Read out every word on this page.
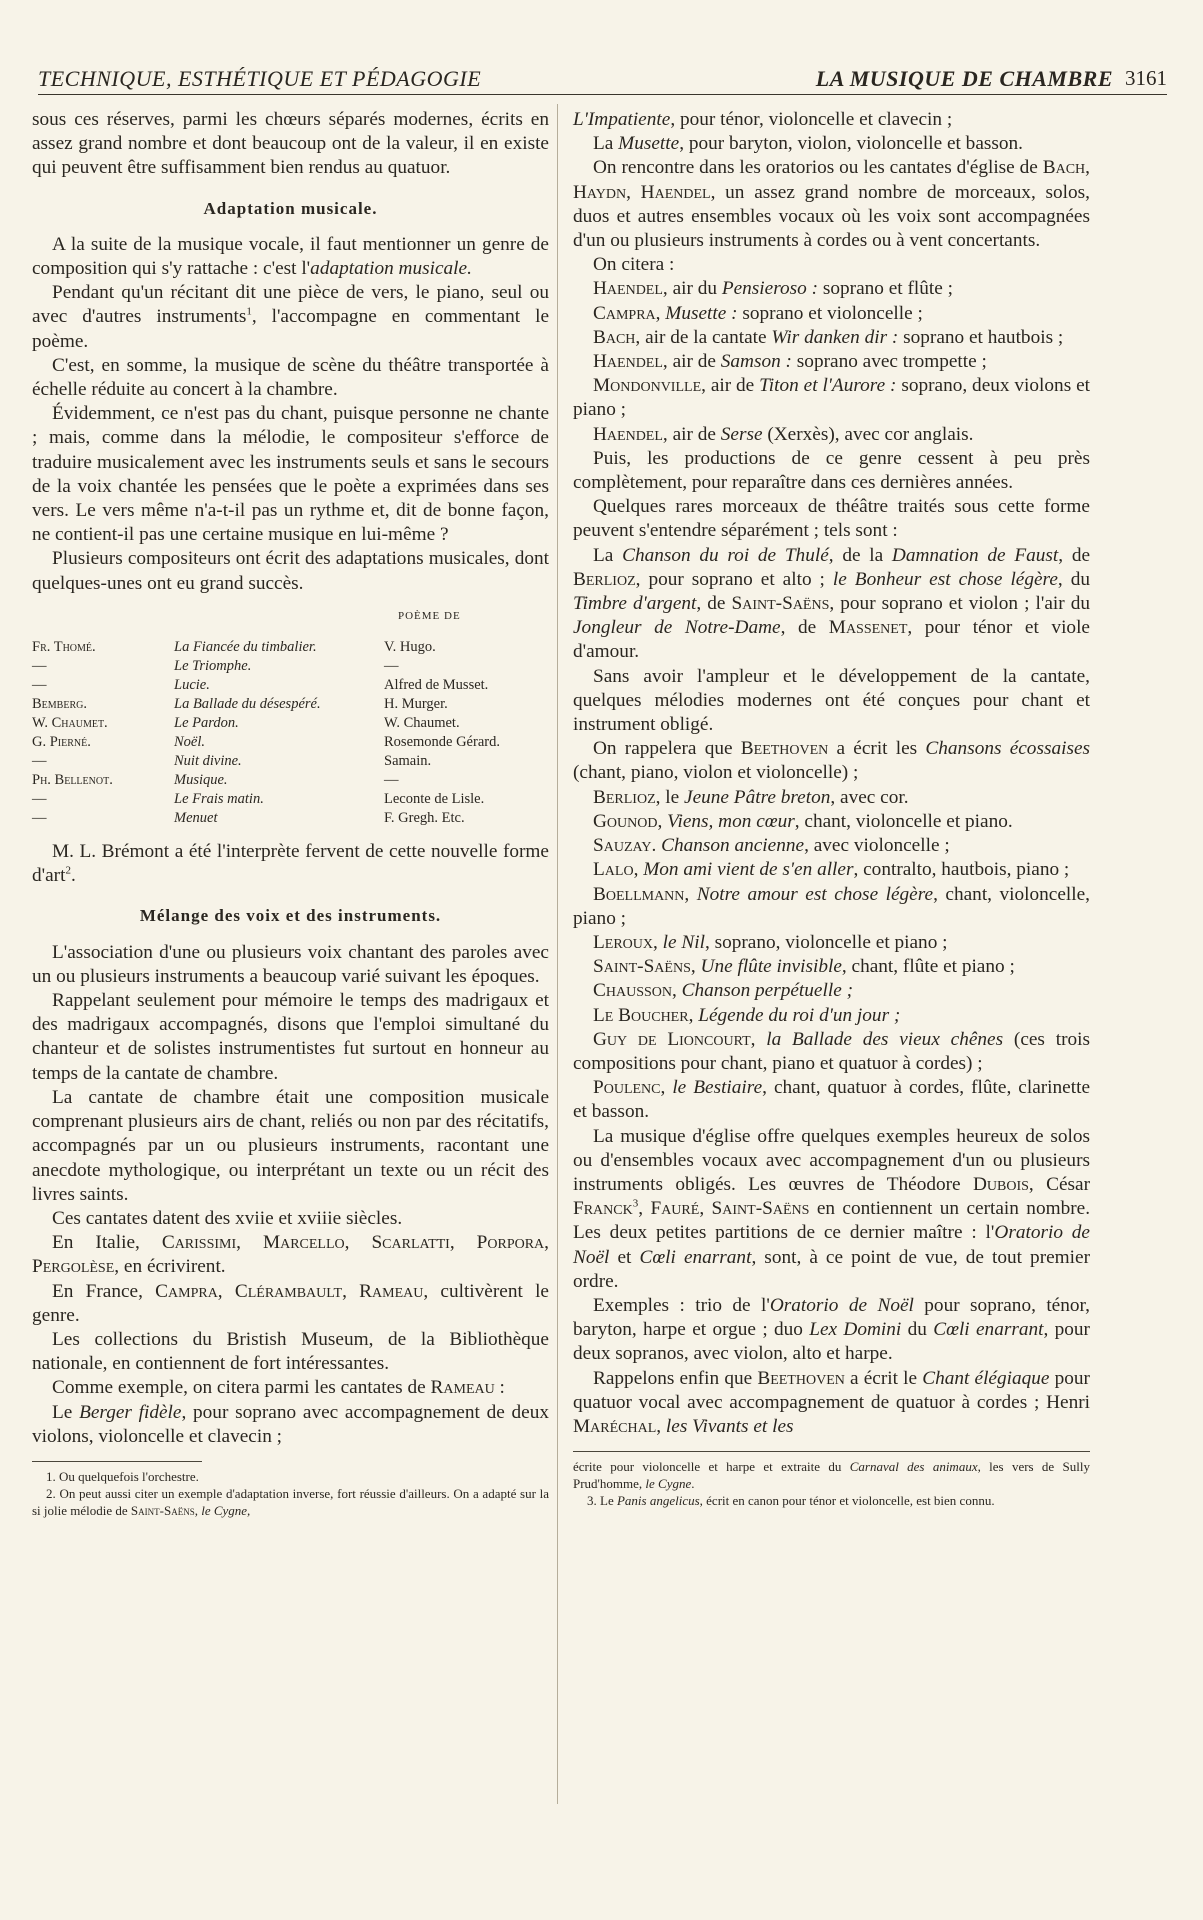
TECHNIQUE, ESTHÉTIQUE ET PÉDAGOGIE	LA MUSIQUE DE CHAMBRE 3161

sous ces réserves, parmi les chœurs séparés modernes, écrits en assez grand nombre et dont beaucoup ont de la valeur, il en existe qui peuvent être suffisamment bien rendus au quatuor.

Adaptation musicale.

A la suite de la musique vocale, il faut mentionner un genre de composition qui s'y rattache : c'est l'adaptation musicale.

Pendant qu'un récitant dit une pièce de vers, le piano, seul ou avec d'autres instruments$^1$, l'accompagne en commentant le poème.

C'est, en somme, la musique de scène du théâtre transportée à échelle réduite au concert à la chambre.

Évidemment, ce n'est pas du chant, puisque personne ne chante ; mais, comme dans la mélodie, le compositeur s'efforce de traduire musicalement avec les instruments seuls et sans le secours de la voix chantée les pensées que le poète a exprimées dans ses vers. Le vers même n'a-t-il pas un rythme et, dit de bonne façon, ne contient-il pas une certaine musique en lui-même ?

Plusieurs compositeurs ont écrit des adaptations musicales, dont quelques-unes ont eu grand succès.

POÈME DE
Fr. Thomé.	La Fiancée du timbalier.	V. Hugo.
—	Le Triomphe.	—
—	Lucie.	Alfred de Musset.
Bemberg.	La Ballade du désespéré.	H. Murger.
W. Chaumet.	Le Pardon.	W. Chaumet.
G. Pierné.	Noël.	Rosemonde Gérard.
—	Nuit divine.	Samain.
Ph. Bellenot.	Musique.	—
—	Le Frais matin.	Leconte de Lisle.
—	Menuet	F. Gregh. Etc.

M. L. Brémont a été l'interprète fervent de cette nouvelle forme d'art$^2$.

Mélange des voix et des instruments.

L'association d'une ou plusieurs voix chantant des paroles avec un ou plusieurs instruments a beaucoup varié suivant les époques.

Rappelant seulement pour mémoire le temps des madrigaux et des madrigaux accompagnés, disons que l'emploi simultané du chanteur et de solistes instrumentistes fut surtout en honneur au temps de la cantate de chambre.

La cantate de chambre était une composition musicale comprenant plusieurs airs de chant, reliés ou non par des récitatifs, accompagnés par un ou plusieurs instruments, racontant une anecdote mythologique, ou interprétant un texte ou un récit des livres saints.

Ces cantates datent des xviie et xviiie siècles.

En Italie, Carissimi, Marcello, Scarlatti, Porpora, Pergolèse, en écrivirent.

En France, Campra, Clérambault, Rameau, cultivèrent le genre.

Les collections du Bristish Museum, de la Bibliothèque nationale, en contiennent de fort intéressantes.

Comme exemple, on citera parmi les cantates de Rameau :

Le Berger fidèle, pour soprano avec accompagnement de deux violons, violoncelle et clavecin ;

1. Ou quelquefois l'orchestre.

2. On peut aussi citer un exemple d'adaptation inverse, fort réussie d'ailleurs. On a adapté sur la si jolie mélodie de Saint-Saëns, le Cygne,

L'Impatiente, pour ténor, violoncelle et clavecin ;

La Musette, pour baryton, violon, violoncelle et basson.

On rencontre dans les oratorios ou les cantates d'église de Bach, Haydn, Haendel, un assez grand nombre de morceaux, solos, duos et autres ensembles vocaux où les voix sont accompagnées d'un ou plusieurs instruments à cordes ou à vent concertants.

On citera :

Haendel, air du Pensieroso : soprano et flûte ;

Campra, Musette : soprano et violoncelle ;

Bach, air de la cantate Wir danken dir : soprano et hautbois ;

Haendel, air de Samson : soprano avec trompette ;

Mondonville, air de Titon et l'Aurore : soprano, deux violons et piano ;

Haendel, air de Serse (Xerxès), avec cor anglais.

Puis, les productions de ce genre cessent à peu près complètement, pour reparaître dans ces dernières années.

Quelques rares morceaux de théâtre traités sous cette forme peuvent s'entendre séparément ; tels sont :

La Chanson du roi de Thulé, de la Damnation de Faust, de Berlioz, pour soprano et alto ; le Bonheur est chose légère, du Timbre d'argent, de Saint-Saëns, pour soprano et violon ; l'air du Jongleur de Notre-Dame, de Massenet, pour ténor et viole d'amour.

Sans avoir l'ampleur et le développement de la cantate, quelques mélodies modernes ont été conçues pour chant et instrument obligé.

On rappelera que Beethoven a écrit les Chansons écossaises (chant, piano, violon et violoncelle) ;

Berlioz, le Jeune Pâtre breton, avec cor.

Gounod, Viens, mon cœur, chant, violoncelle et piano.

Sauzay. Chanson ancienne, avec violoncelle ;

Lalo, Mon ami vient de s'en aller, contralto, hautbois, piano ;

Boellmann, Notre amour est chose légère, chant, violoncelle, piano ;

Leroux, le Nil, soprano, violoncelle et piano ;

Saint-Saëns, Une flûte invisible, chant, flûte et piano ;

Chausson, Chanson perpétuelle ;

Le Boucher, Légende du roi d'un jour ;

Guy de Lioncourt, la Ballade des vieux chênes (ces trois compositions pour chant, piano et quatuor à cordes) ;

Poulenc, le Bestiaire, chant, quatuor à cordes, flûte, clarinette et basson.

La musique d'église offre quelques exemples heureux de solos ou d'ensembles vocaux avec accompagnement d'un ou plusieurs instruments obligés. Les œuvres de Théodore Dubois, César Franck$^3$, Fauré, Saint-Saëns en contiennent un certain nombre. Les deux petites partitions de ce dernier maître : l'Oratorio de Noël et Cœli enarrant, sont, à ce point de vue, de tout premier ordre.

Exemples : trio de l'Oratorio de Noël pour soprano, ténor, baryton, harpe et orgue ; duo Lex Domini du Cœli enarrant, pour deux sopranos, avec violon, alto et harpe.

Rappelons enfin que Beethoven a écrit le Chant élégiaque pour quatuor vocal avec accompagnement de quatuor à cordes ; Henri Maréchal, les Vivants et les

écrite pour violoncelle et harpe et extraite du Carnaval des animaux, les vers de Sully Prud'homme, le Cygne.

3. Le Panis angelicus, écrit en canon pour ténor et violoncelle, est bien connu.
